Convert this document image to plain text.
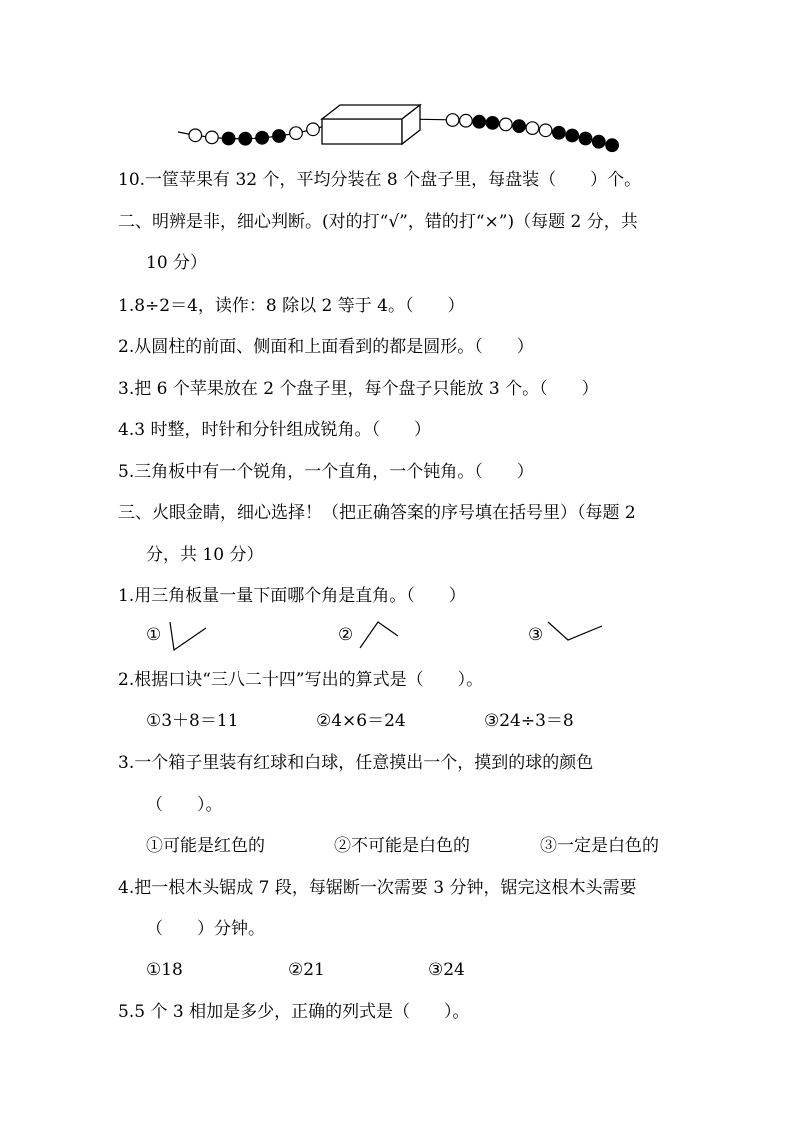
10.一筐苹果有 32 个，平均分装在 8 个盘子里，每盘装（　　）个。
二、明辨是非，细心判断。(对的打“√”，错的打“×”)（每题 2 分，共
10 分）
1.8÷2＝4，读作：8 除以 2 等于 4。（　　）
2.从圆柱的前面、侧面和上面看到的都是圆形。（　　）
3.把 6 个苹果放在 2 个盘子里，每个盘子只能放 3 个。（　　）
4.3 时整，时针和分针组成锐角。（　　）
5.三角板中有一个锐角，一个直角，一个钝角。（　　）
三、火眼金睛，细心选择！（把正确答案的序号填在括号里）（每题 2
分，共 10 分）
1.用三角板量一量下面哪个角是直角。（　　）
①	②	③
2.根据口诀“三八二十四”写出的算式是（　　）。
①3＋8＝11	②4×6＝24	③24÷3＝8
3.一个箱子里装有红球和白球，任意摸出一个，摸到的球的颜色
（　　）。
①可能是红色的	②不可能是白色的	③一定是白色的
4.把一根木头锯成 7 段，每锯断一次需要 3 分钟，锯完这根木头需要
（　　）分钟。
①18	②21	③24
5.5 个 3 相加是多少，正确的列式是（　　）。
